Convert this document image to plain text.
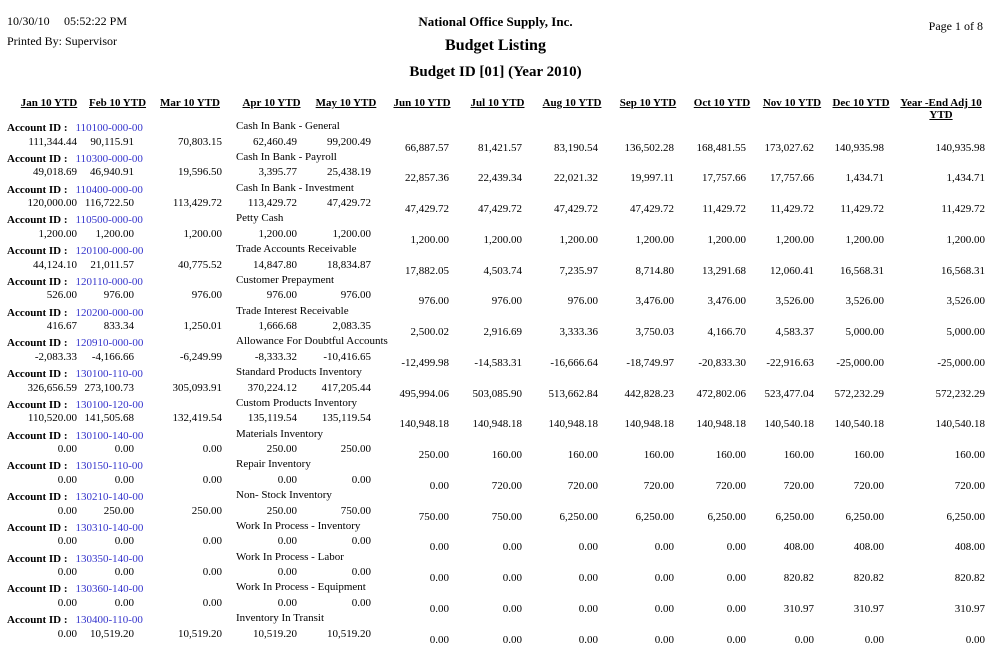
10/30/10 05:52:22 PM
Printed By: Supervisor
Page 1 of 8
National Office Supply, Inc.
Budget Listing
Budget ID [01] (Year 2010)
Jan 10 YTD	Feb 10 YTD	Mar 10 YTD	Apr 10 YTD	May 10 YTD	Jun 10 YTD	Jul 10 YTD	Aug 10 YTD	Sep 10 YTD	Oct 10 YTD	Nov 10 YTD	Dec 10 YTD Year -End Adj 10
YTD
Account ID : 110100-000-00	Cash In Bank - General
111,344.44	90,115.91	70,803.15	62,460.49	99,200.49	66,887.57	81,421.57	83,190.54	136,502.28	168,481.55	173,027.62	140,935.98	140,935.98
Account ID : 110300-000-00	Cash In Bank - Payroll
49,018.69	46,940.91	19,596.50	3,395.77	25,438.19	22,857.36	22,439.34	22,021.32	19,997.11	17,757.66	17,757.66	1,434.71	1,434.71
Account ID : 110400-000-00	Cash In Bank - Investment
120,000.00 116,722.50	113,429.72	113,429.72	47,429.72	47,429.72	47,429.72	47,429.72	47,429.72	11,429.72	11,429.72	11,429.72	11,429.72
Account ID : 110500-000-00	Petty Cash
1,200.00	1,200.00	1,200.00	1,200.00	1,200.00	1,200.00	1,200.00	1,200.00	1,200.00	1,200.00	1,200.00	1,200.00	1,200.00
Account ID : 120100-000-00	Trade Accounts Receivable
44,124.10	21,011.57	40,775.52	14,847.80	18,834.87	17,882.05	4,503.74	7,235.97	8,714.80	13,291.68	12,060.41	16,568.31	16,568.31
Account ID : 120110-000-00	Customer Prepayment
526.00	976.00	976.00	976.00	976.00	976.00	976.00	976.00	3,476.00	3,476.00	3,526.00	3,526.00	3,526.00
Account ID : 120200-000-00	Trade Interest Receivable
416.67	833.34	1,250.01	1,666.68	2,083.35	2,500.02	2,916.69	3,333.36	3,750.03	4,166.70	4,583.37	5,000.00	5,000.00
Account ID : 120910-000-00	Allowance For Doubtful Accounts
-2,083.33	-4,166.66	-6,249.99	-8,333.32	-10,416.65	-12,499.98	-14,583.31	-16,666.64	-18,749.97	-20,833.30	-22,916.63	-25,000.00	-25,000.00
Account ID : 130100-110-00	Standard Products Inventory
326,656.59 273,100.73	305,093.91	370,224.12	417,205.44	495,994.06	503,085.90	513,662.84	442,828.23	472,802.06	523,477.04	572,232.29	572,232.29
Account ID : 130100-120-00	Custom Products Inventory
110,520.00 141,505.68	132,419.54	135,119.54	135,119.54	140,948.18	140,948.18	140,948.18	140,948.18	140,948.18	140,540.18	140,540.18	140,540.18
Account ID : 130100-140-00	Materials Inventory
0.00	0.00	0.00	250.00	250.00	250.00	160.00	160.00	160.00	160.00	160.00	160.00	160.00
Account ID : 130150-110-00	Repair Inventory
0.00	0.00	0.00	0.00	0.00	0.00	720.00	720.00	720.00	720.00	720.00	720.00	720.00
Account ID : 130210-140-00	Non- Stock Inventory
0.00	250.00	250.00	250.00	750.00	750.00	750.00	6,250.00	6,250.00	6,250.00	6,250.00	6,250.00	6,250.00
Account ID : 130310-140-00	Work In Process - Inventory
0.00	0.00	0.00	0.00	0.00	0.00	0.00	0.00	0.00	0.00	408.00	408.00	408.00
Account ID : 130350-140-00	Work In Process - Labor
0.00	0.00	0.00	0.00	0.00	0.00	0.00	0.00	0.00	0.00	820.82	820.82	820.82
Account ID : 130360-140-00	Work In Process - Equipment
0.00	0.00	0.00	0.00	0.00	0.00	0.00	0.00	0.00	0.00	310.97	310.97	310.97
Account ID : 130400-110-00	Inventory In Transit
0.00	10,519.20	10,519.20	10,519.20	10,519.20	0.00	0.00	0.00	0.00	0.00	0.00	0.00	0.00
